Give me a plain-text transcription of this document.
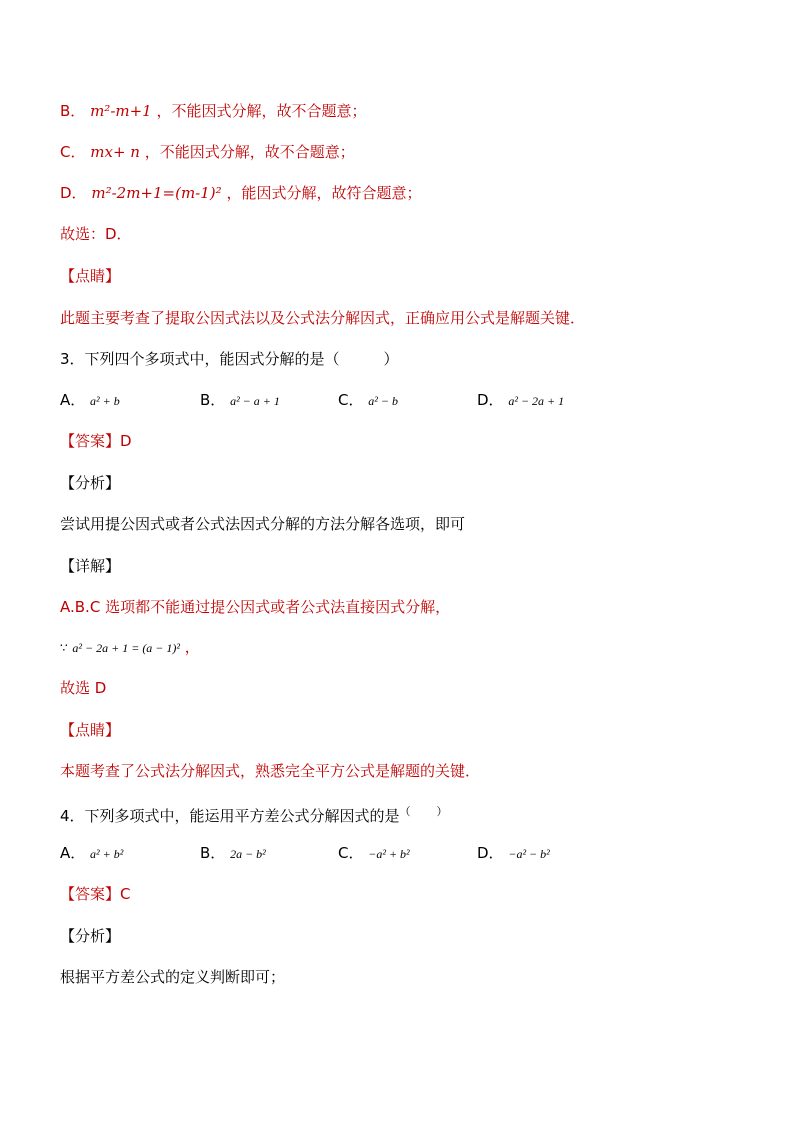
B． m²-m+1 ，不能因式分解，故不合题意；
C． mx+ n ，不能因式分解，故不合题意；
D． m²-2m+1=(m-1)² ，能因式分解，故符合题意；
故选：D．
【点睛】
此题主要考查了提取公因式法以及公式法分解因式，正确应用公式是解题关键．
3．下列四个多项式中，能因式分解的是（	）
A． a² + b	B． a² − a + 1	C． a² − b	D． a² − 2a + 1
【答案】D
【分析】
尝试用提公因式或者公式法因式分解的方法分解各选项，即可
【详解】
A.B.C 选项都不能通过提公因式或者公式法直接因式分解，
∵ a² − 2a + 1 = (a − 1)² ，
故选 D
【点睛】
本题考查了公式法分解因式，熟悉完全平方公式是解题的关键．
4．下列多项式中，能运用平方差公式分解因式的是（ ）
A． a² + b²	B． 2a − b²	C． −a² + b²	D． −a² − b²
【答案】C
【分析】
根据平方差公式的定义判断即可；
